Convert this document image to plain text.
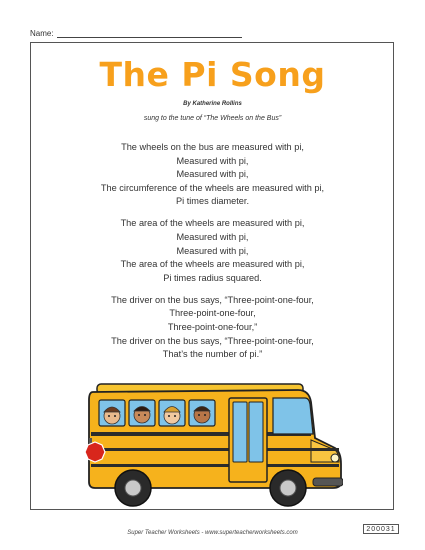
Name:
The Pi Song
By Katherine Rollins
sung to the tune of “The Wheels on the Bus”
The wheels on the bus are measured with pi,
Measured with pi,
Measured with pi,
The circumference of the wheels are measured with pi,
Pi times diameter.
The area of the wheels are measured with pi,
Measured with pi,
Measured with pi,
The area of the wheels are measured with pi,
Pi times radius squared.
The driver on the bus says, “Three-point-one-four,
Three-point-one-four,
Three-point-one-four,”
The driver on the bus says, “Three-point-one-four,
That’s the number of pi.”
Super Teacher Worksheets - www.superteacherworksheets.com	200031
